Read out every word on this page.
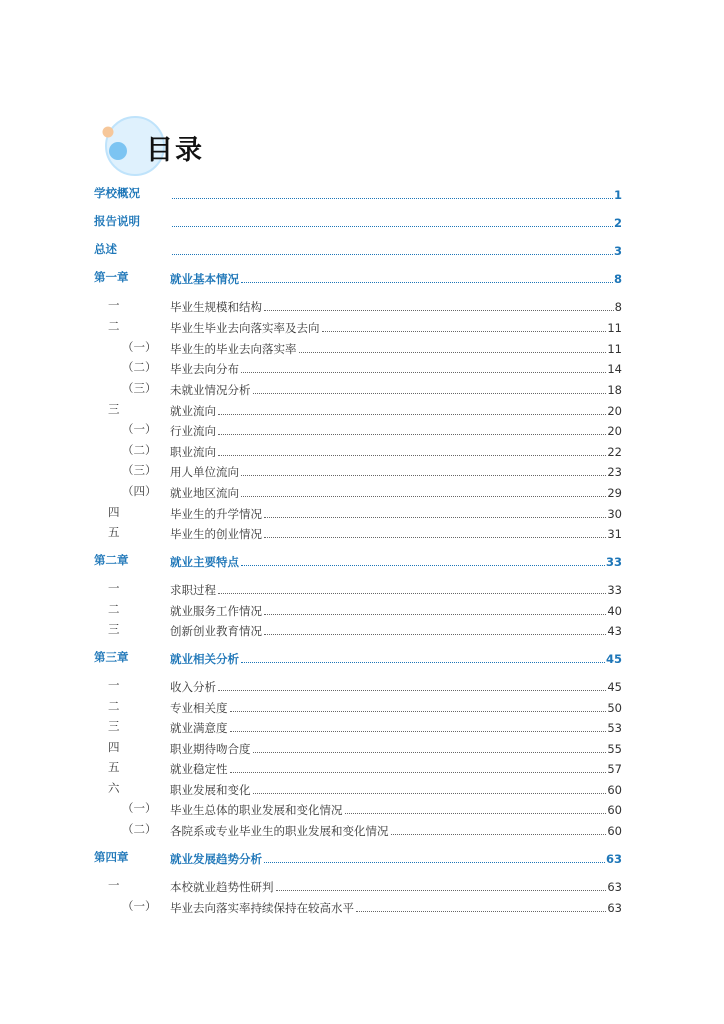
目录
学校概况	1
报告说明	2
总述	3
第一章	就业基本情况	8
一	毕业生规模和结构	8
二	毕业生毕业去向落实率及去向	11
（一） 毕业生的毕业去向落实率	11
（二） 毕业去向分布	14
（三） 未就业情况分析	18
三	就业流向	20
（一） 行业流向	20
（二） 职业流向	22
（三） 用人单位流向	23
（四） 就业地区流向	29
四	毕业生的升学情况	30
五	毕业生的创业情况	31
第二章	就业主要特点	33
一	求职过程	33
二	就业服务工作情况	40
三	创新创业教育情况	43
第三章	就业相关分析	45
一	收入分析	45
二	专业相关度	50
三	就业满意度	53
四	职业期待吻合度	55
五	就业稳定性	57
六	职业发展和变化	60
（一） 毕业生总体的职业发展和变化情况	60
（二） 各院系或专业毕业生的职业发展和变化情况	60
第四章	就业发展趋势分析	63
一	本校就业趋势性研判	63
（一） 毕业去向落实率持续保持在较高水平	63
